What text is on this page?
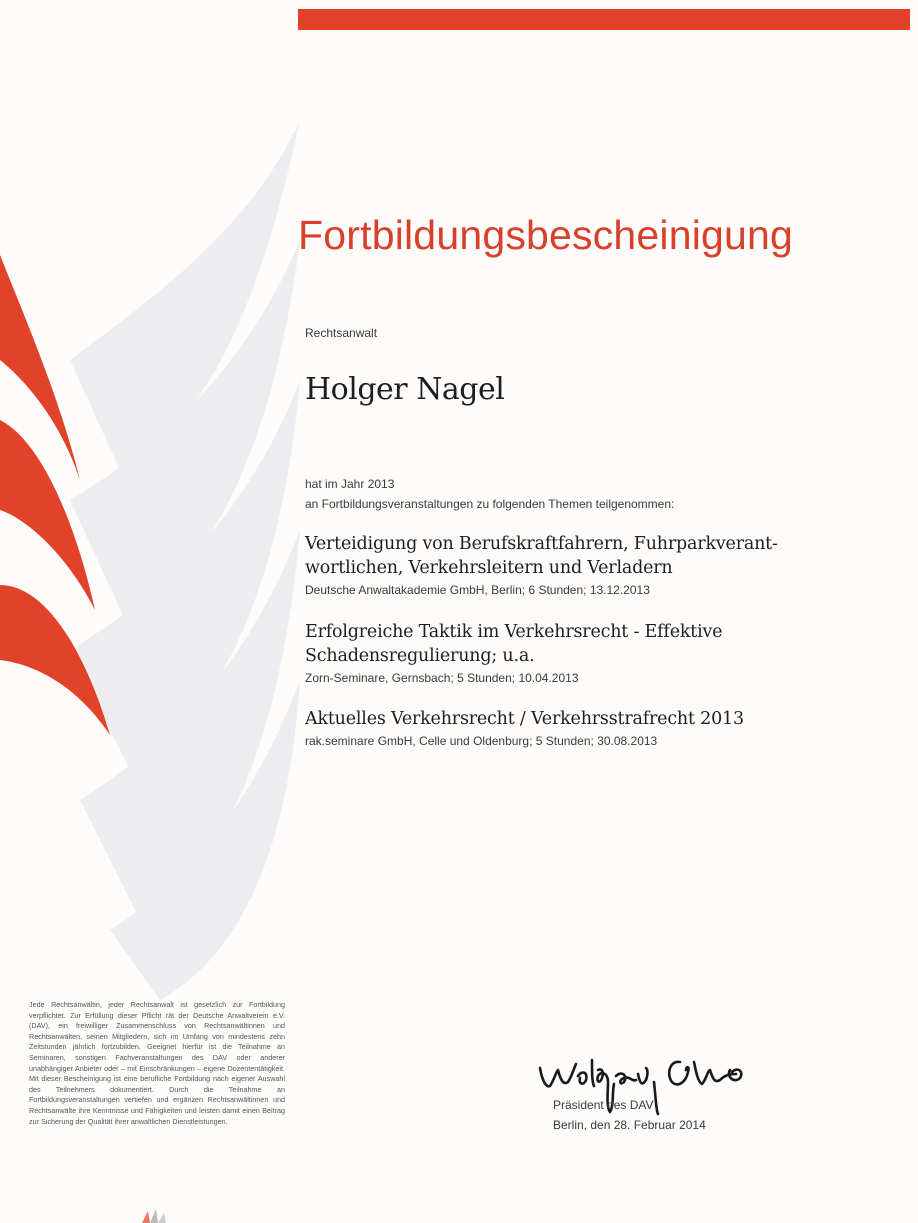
Fortbildungsbescheinigung
Rechtsanwalt
Holger Nagel
hat im Jahr 2013
an Fortbildungsveranstaltungen zu folgenden Themen teilgenommen:
Verteidigung von Berufskraftfahrern, Fuhrparkverant-
wortlichen, Verkehrsleitern und Verladern
Deutsche Anwaltakademie GmbH, Berlin; 6 Stunden; 13.12.2013
Erfolgreiche Taktik im Verkehrsrecht - Effektive
Schadensregulierung; u.a.
Zorn-Seminare, Gernsbach; 5 Stunden; 10.04.2013
Aktuelles Verkehrsrecht / Verkehrsstrafrecht 2013
rak.seminare GmbH, Celle und Oldenburg; 5 Stunden; 30.08.2013
Jede Rechtsanwältin, jeder Rechtsanwalt ist gesetzlich zur Fortbildung verpflichtet. Zur Erfüllung dieser Pflicht rät der Deutsche Anwaltverein e.V. (DAV), ein freiwilliger Zusammenschluss von Rechtsanwältinnen und Rechtsanwälten, seinen Mitgliedern, sich im Umfang von mindestens zehn Zeitstunden jährlich fortzubilden. Geeignet hierfür ist die Teilnahme an Seminaren, sonstigen Fachveranstaltungen des DAV oder anderer unabhängiger Anbieter oder – mit Einschränkungen – eigene Dozententätigkeit. Mit dieser Bescheinigung ist eine berufliche Fortbildung nach eigener Auswahl des Teilnehmers dokumentiert. Durch die Teilnahme an Fortbildungsveranstaltungen vertiefen und ergänzen Rechtsanwältinnen und Rechtsanwälte ihre Kenntnisse und Fähigkeiten und leisten damit einen Beitrag zur Sicherung der Qualität ihrer anwaltlichen Dienstleistungen.
Präsident des DAV
Berlin, den 28. Februar 2014
